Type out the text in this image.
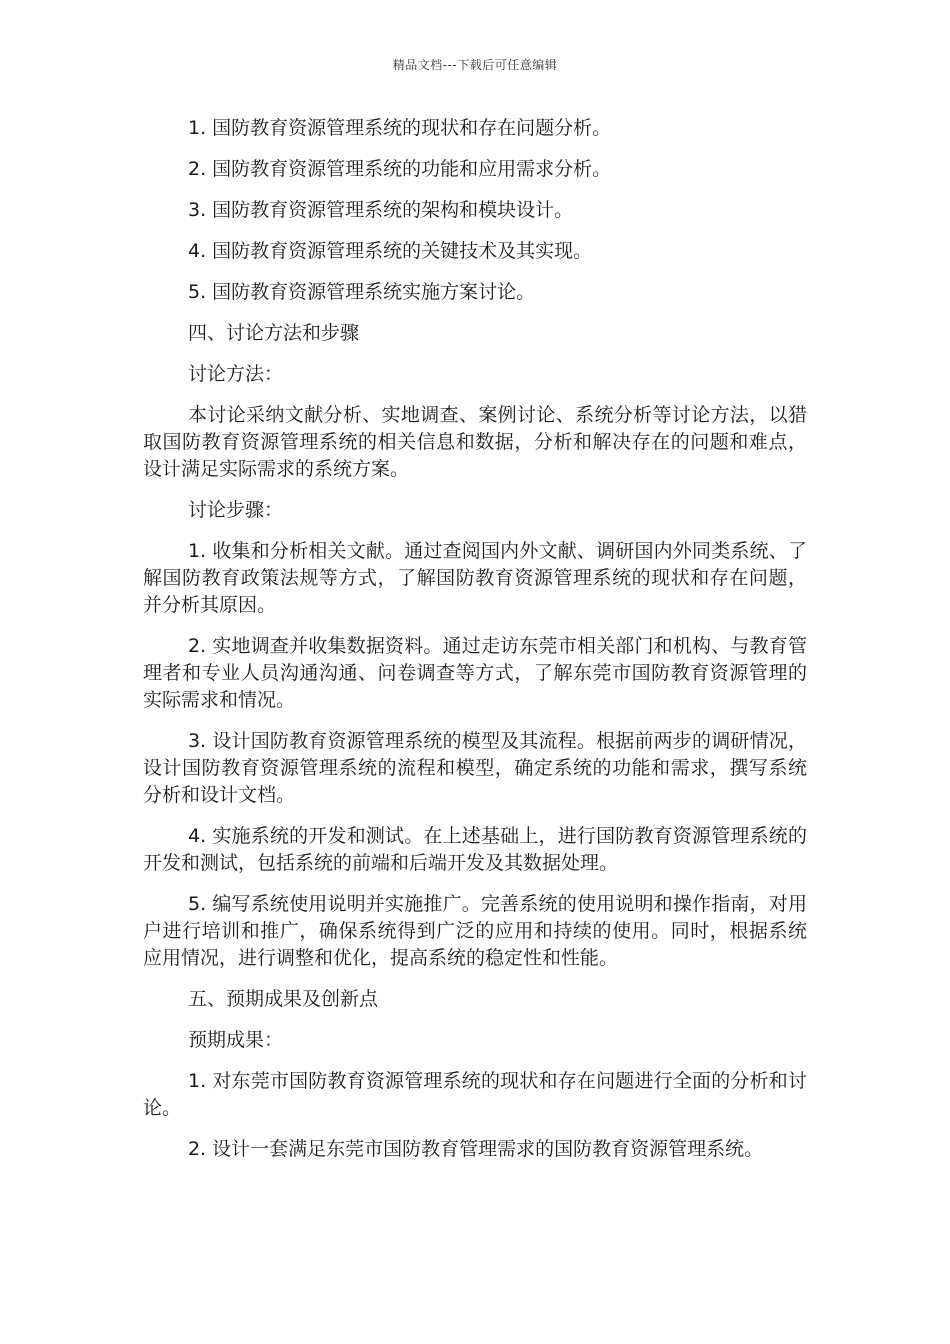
精品文档---下载后可任意编辑

1. 国防教育资源管理系统的现状和存在问题分析。

2. 国防教育资源管理系统的功能和应用需求分析。

3. 国防教育资源管理系统的架构和模块设计。

4. 国防教育资源管理系统的关键技术及其实现。

5. 国防教育资源管理系统实施方案讨论。

四、讨论方法和步骤

讨论方法：

本讨论采纳文献分析、实地调查、案例讨论、系统分析等讨论方法，以猎取国防教育资源管理系统的相关信息和数据，分析和解决存在的问题和难点，设计满足实际需求的系统方案。

讨论步骤：

1. 收集和分析相关文献。通过查阅国内外文献、调研国内外同类系统、了解国防教育政策法规等方式，了解国防教育资源管理系统的现状和存在问题，并分析其原因。

2. 实地调查并收集数据资料。通过走访东莞市相关部门和机构、与教育管理者和专业人员沟通沟通、问卷调查等方式，了解东莞市国防教育资源管理的实际需求和情况。

3. 设计国防教育资源管理系统的模型及其流程。根据前两步的调研情况，设计国防教育资源管理系统的流程和模型，确定系统的功能和需求，撰写系统分析和设计文档。

4. 实施系统的开发和测试。在上述基础上，进行国防教育资源管理系统的开发和测试，包括系统的前端和后端开发及其数据处理。

5. 编写系统使用说明并实施推广。完善系统的使用说明和操作指南，对用户进行培训和推广，确保系统得到广泛的应用和持续的使用。同时，根据系统应用情况，进行调整和优化，提高系统的稳定性和性能。

五、预期成果及创新点

预期成果：

1. 对东莞市国防教育资源管理系统的现状和存在问题进行全面的分析和讨论。

2. 设计一套满足东莞市国防教育管理需求的国防教育资源管理系统。
